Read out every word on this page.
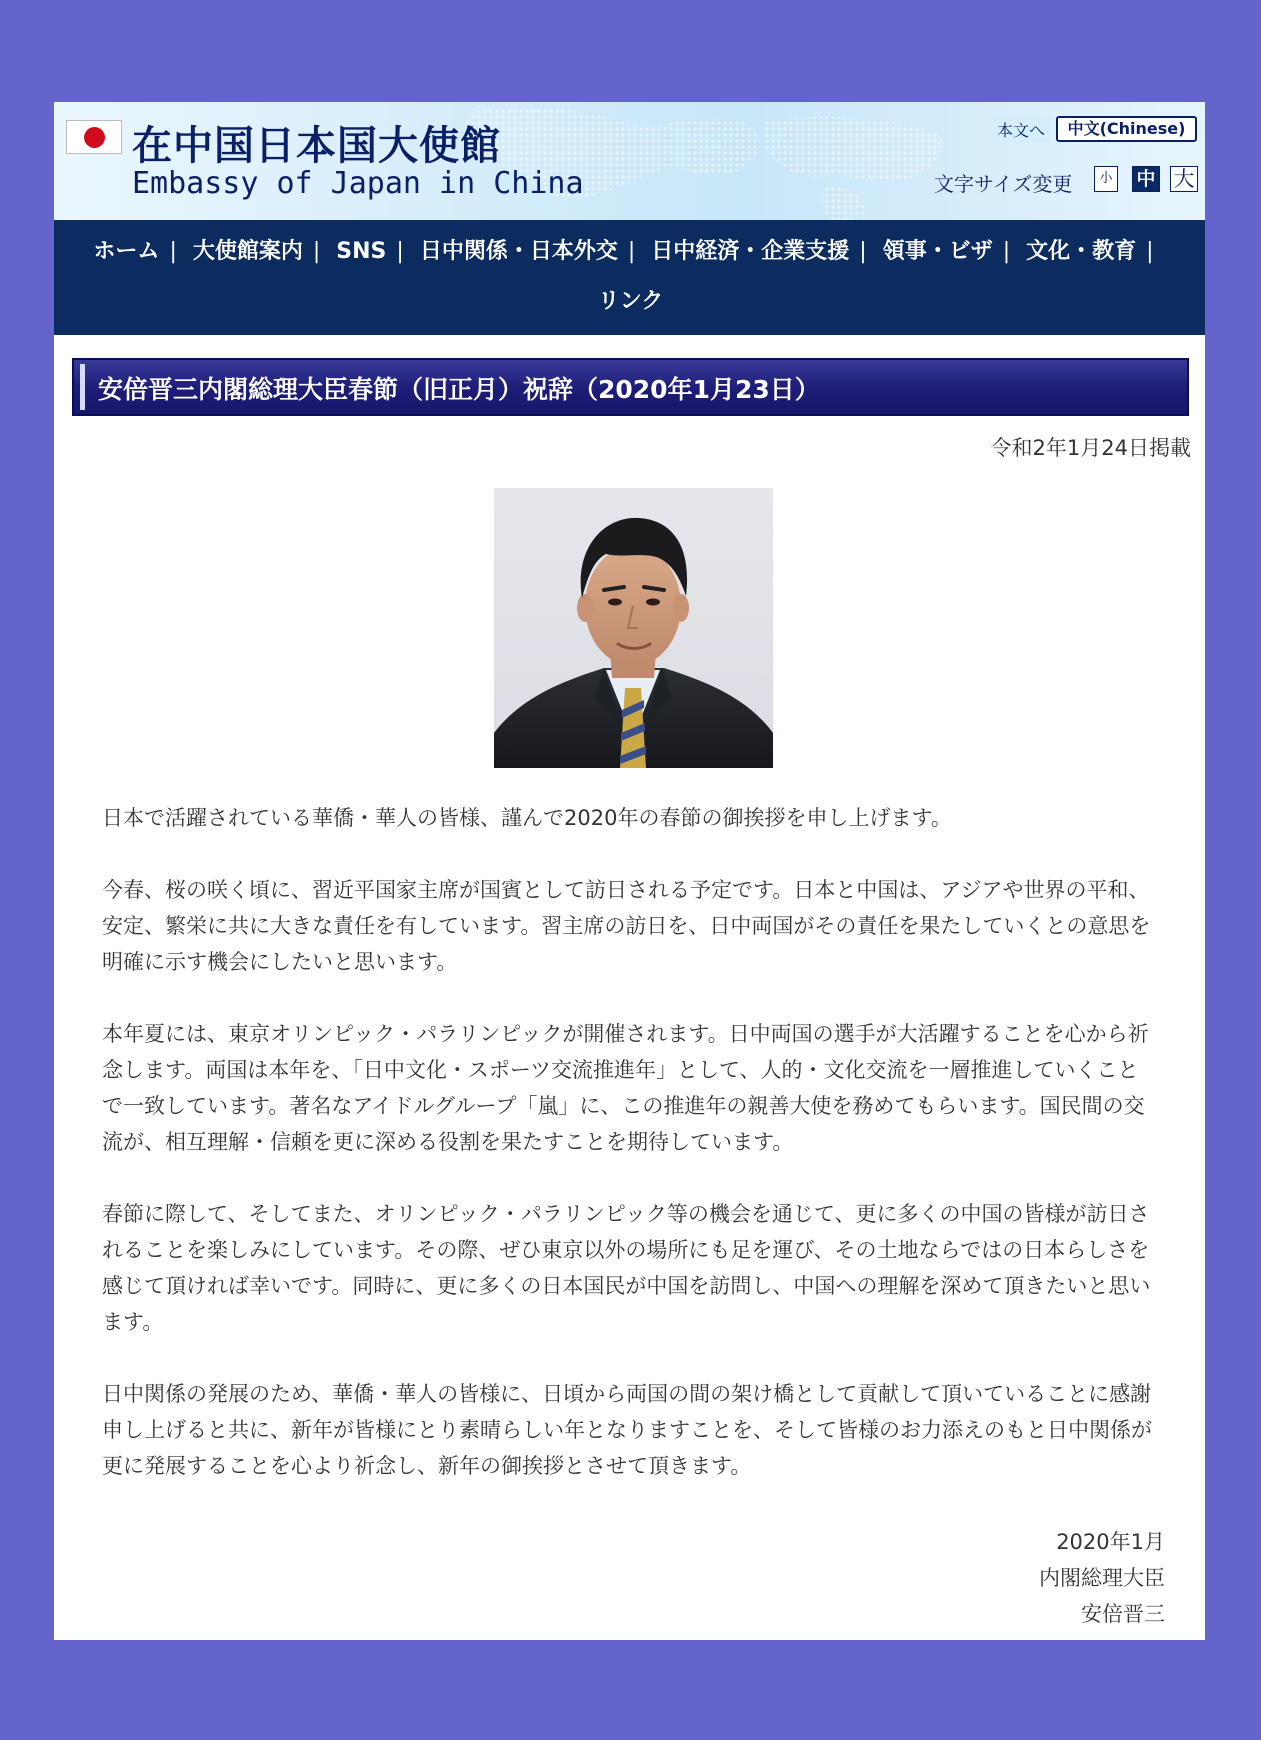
在中国日本国大使館
Embassy of Japan in China
本文へ	中文(Chinese)
文字サイズ変更	小 中 大
ホーム | 大使館案内 | SNS | 日中関係・日本外交 | 日中経済・企業支援 | 領事・ビザ | 文化・教育 |
リンク
安倍晋三内閣総理大臣春節（旧正月）祝辞（2020年1月23日）
令和2年1月24日掲載

日本で活躍されている華僑・華人の皆様、謹んで2020年の春節の御挨拶を申し上げます。

今春、桜の咲く頃に、習近平国家主席が国賓として訪日される予定です。日本と中国は、アジアや世界の平和、安定、繁栄に共に大きな責任を有しています。習主席の訪日を、日中両国がその責任を果たしていくとの意思を明確に示す機会にしたいと思います。

本年夏には、東京オリンピック・パラリンピックが開催されます。日中両国の選手が大活躍することを心から祈念します。両国は本年を、「日中文化・スポーツ交流推進年」として、人的・文化交流を一層推進していくことで一致しています。著名なアイドルグループ「嵐」に、この推進年の親善大使を務めてもらいます。国民間の交流が、相互理解・信頼を更に深める役割を果たすことを期待しています。

春節に際して、そしてまた、オリンピック・パラリンピック等の機会を通じて、更に多くの中国の皆様が訪日されることを楽しみにしています。その際、ぜひ東京以外の場所にも足を運び、その土地ならではの日本らしさを感じて頂ければ幸いです。同時に、更に多くの日本国民が中国を訪問し、中国への理解を深めて頂きたいと思います。

日中関係の発展のため、華僑・華人の皆様に、日頃から両国の間の架け橋として貢献して頂いていることに感謝申し上げると共に、新年が皆様にとり素晴らしい年となりますことを、そして皆様のお力添えのもと日中関係が更に発展することを心より祈念し、新年の御挨拶とさせて頂きます。

2020年1月
内閣総理大臣
安倍晋三
